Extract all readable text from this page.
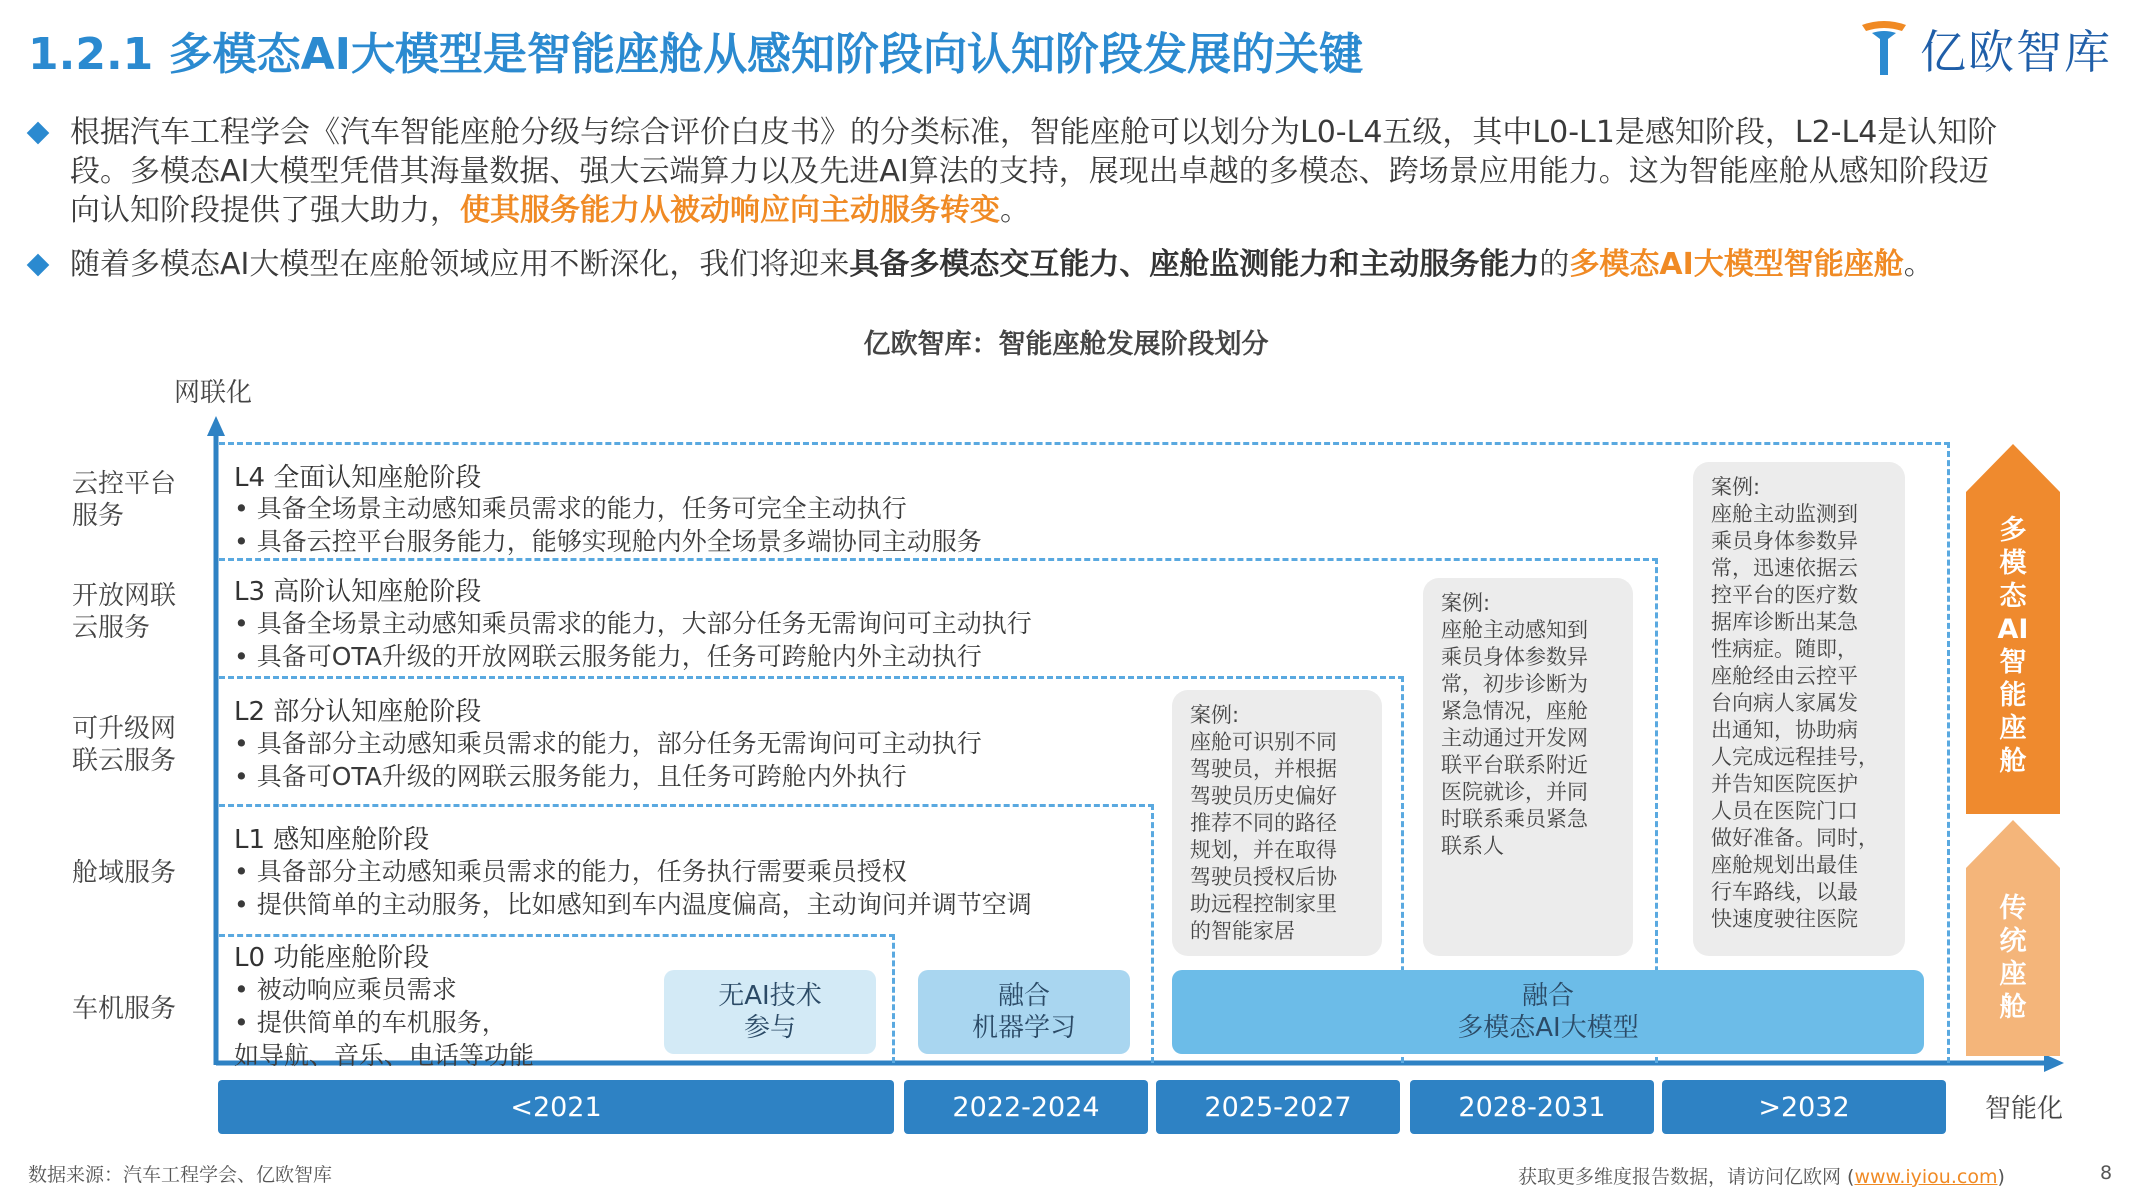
1.2.1 多模态AI大模型是智能座舱从感知阶段向认知阶段发展的关键	亿欧智库
根据汽车工程学会《汽车智能座舱分级与综合评价白皮书》的分类标准，智能座舱可以划分为L0-L4五级，其中L0-L1是感知阶段，L2-L4是认知阶
段。多模态AI大模型凭借其海量数据、强大云端算力以及先进AI算法的支持，展现出卓越的多模态、跨场景应用能力。这为智能座舱从感知阶段迈
向认知阶段提供了强大助力，使其服务能力从被动响应向主动服务转变。
随着多模态AI大模型在座舱领域应用不断深化，我们将迎来具备多模态交互能力、座舱监测能力和主动服务能力的多模态AI大模型智能座舱。
亿欧智库：智能座舱发展阶段划分
网联化
智能化
云控平台
服务
开放网联
云服务
可升级网
联云服务
舱域服务
车机服务
L4 全面认知座舱阶段
• 具备全场景主动感知乘员需求的能力，任务可完全主动执行
• 具备云控平台服务能力，能够实现舱内外全场景多端协同主动服务
L3 高阶认知座舱阶段
• 具备全场景主动感知乘员需求的能力，大部分任务无需询问可主动执行
• 具备可OTA升级的开放网联云服务能力，任务可跨舱内外主动执行
L2 部分认知座舱阶段
• 具备部分主动感知乘员需求的能力，部分任务无需询问可主动执行
• 具备可OTA升级的网联云服务能力，且任务可跨舱内外执行
L1 感知座舱阶段
• 具备部分主动感知乘员需求的能力，任务执行需要乘员授权
• 提供简单的主动服务，比如感知到车内温度偏高，主动询问并调节空调
L0 功能座舱阶段
• 被动响应乘员需求
• 提供简单的车机服务，
如导航、音乐、电话等功能
案例:
座舱可识别不同
驾驶员，并根据
驾驶员历史偏好
推荐不同的路径
规划，并在取得
驾驶员授权后协
助远程控制家里
的智能家居
案例:
座舱主动感知到
乘员身体参数异
常，初步诊断为
紧急情况，座舱
主动通过开发网
联平台联系附近
医院就诊，并同
时联系乘员紧急
联系人
案例:
座舱主动监测到
乘员身体参数异
常，迅速依据云
控平台的医疗数
据库诊断出某急
性病症。随即，
座舱经由云控平
台向病人家属发
出通知，协助病
人完成远程挂号，
并告知医院医护
人员在医院门口
做好准备。同时，
座舱规划出最佳
行车路线，以最
快速度驶往医院
无AI技术
参与
融合
机器学习
融合
多模态AI大模型
<2021	2022-2024	2025-2027	2028-2031	>2032
多
模
态
AI
智
能
座
舱
传
统
座
舱
数据来源：汽车工程学会、亿欧智库	获取更多维度报告数据，请访问亿欧网 (www.iyiou.com)	8
